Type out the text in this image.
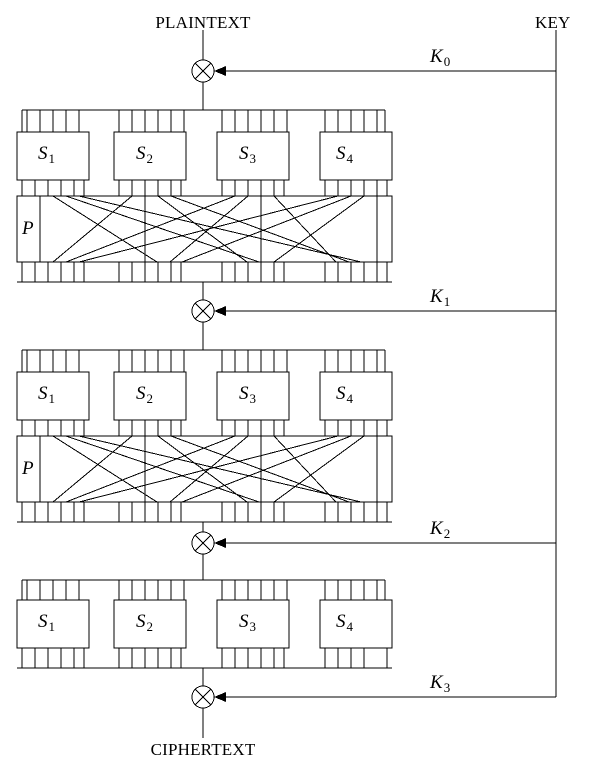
PLAINTEXT	KEY
CIPHERTEXT
$K_0$
$K_1$
$K_2$
$K_3$
$S_1$	$S_2$	$S_3$	$S_4$
P
$S_1$	$S_2$	$S_3$	$S_4$
P
$S_1$	$S_2$	$S_3$	$S_4$
